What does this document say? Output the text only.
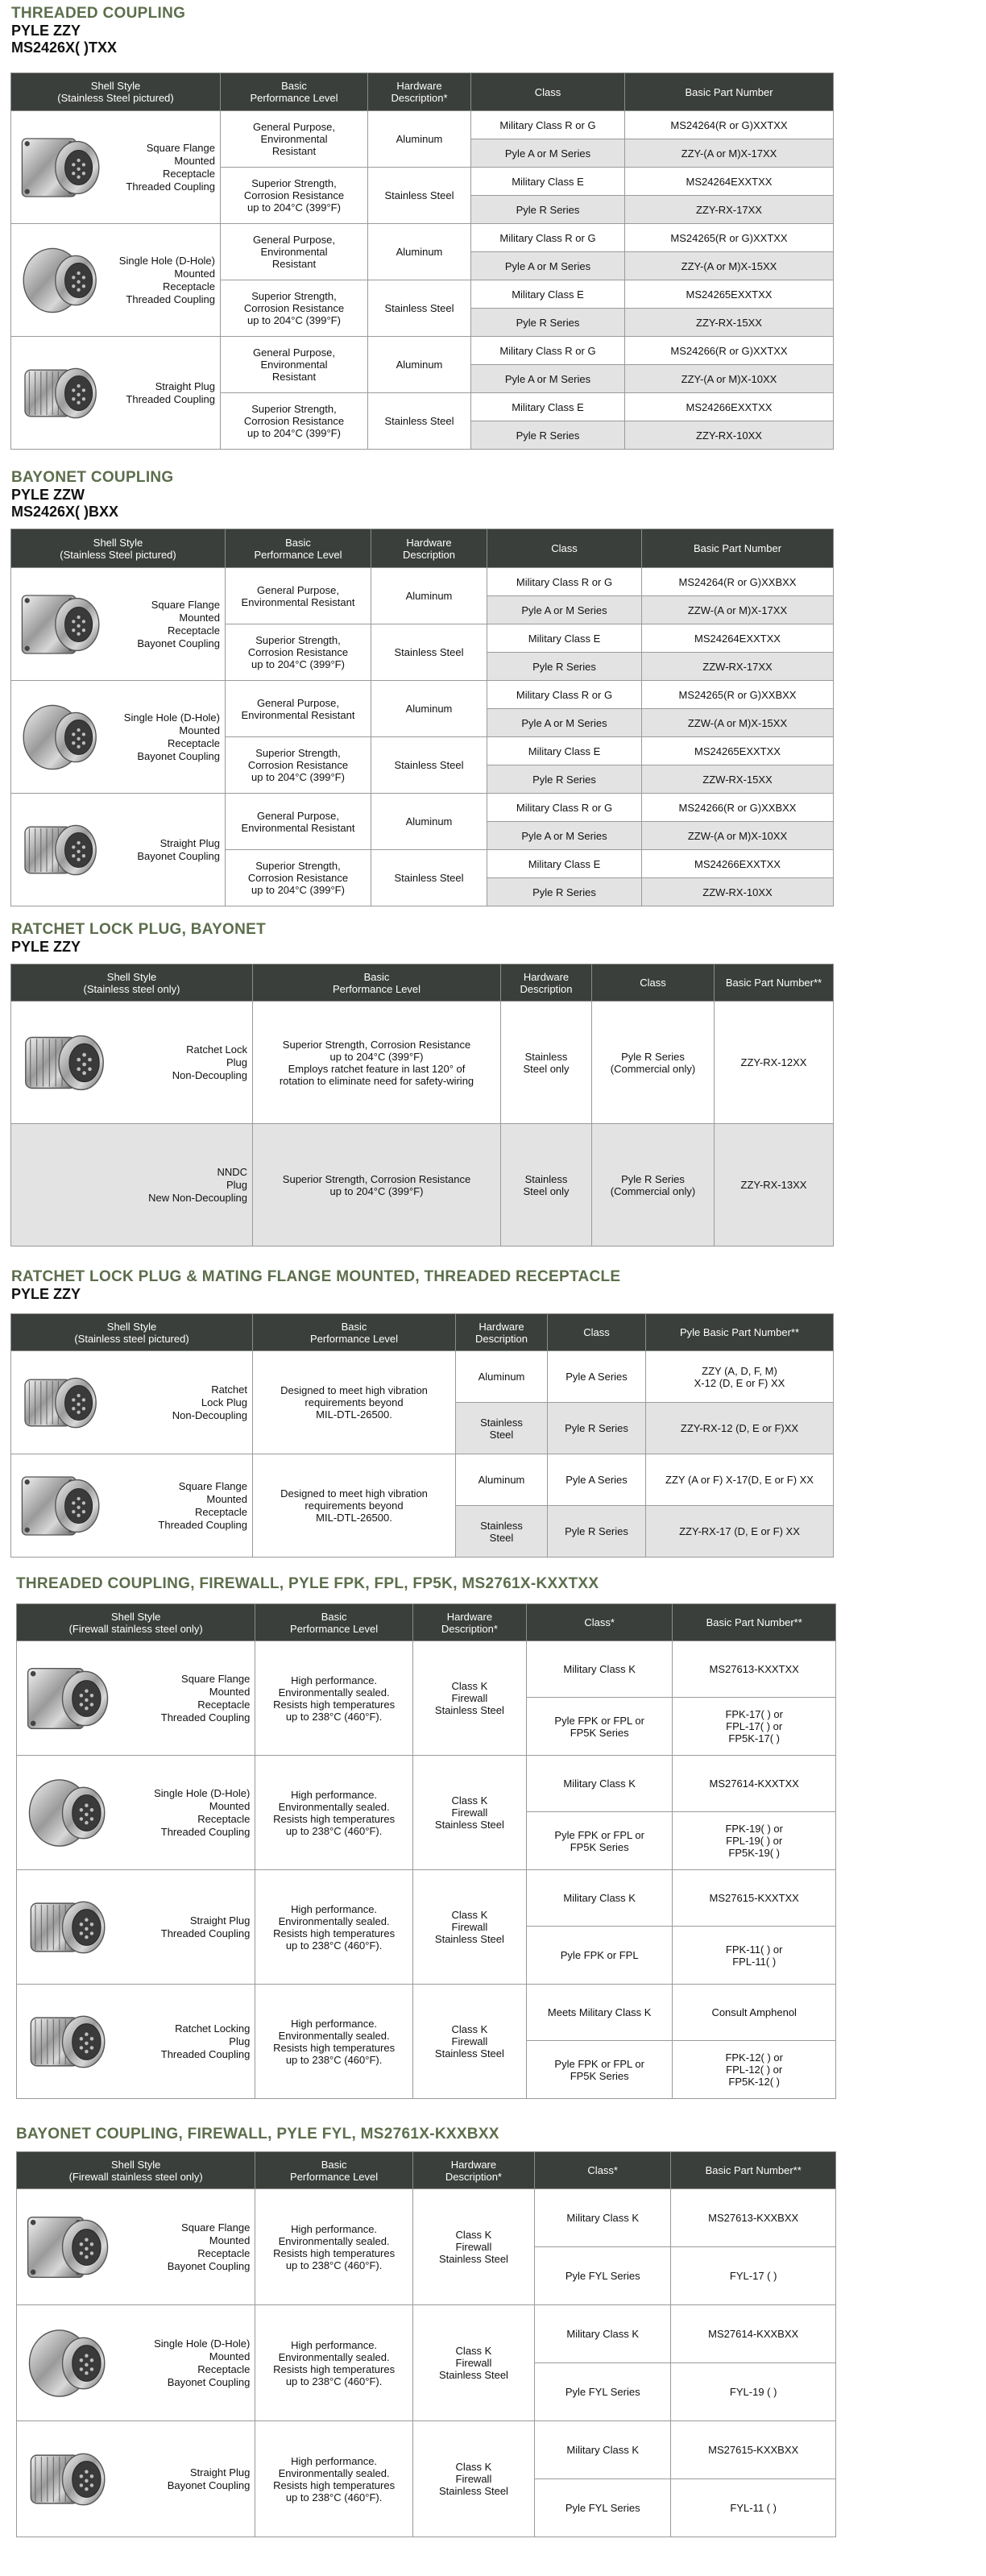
THREADED COUPLING
PYLE ZZY
MS2426X( )TXX
Shell Style
(Stainless Steel pictured)	Basic
Performance Level	Hardware
Description*	Class	Basic Part Number

Square Flange
Mounted
Receptacle
Threaded Coupling	General Purpose,
Environmental
Resistant	Aluminum	Military Class R or G	MS24264(R or G)XXTXX
			Pyle A or M Series	ZZY-(A or M)X-17XX
	Superior Strength,
Corrosion Resistance
up to 204°C (399°F)	Stainless Steel	Military Class E	MS24264EXXTXX
			Pyle R Series	ZZY-RX-17XX

Single Hole (D-Hole)
Mounted
Receptacle
Threaded Coupling	General Purpose,
Environmental
Resistant	Aluminum	Military Class R or G	MS24265(R or G)XXTXX
			Pyle A or M Series	ZZY-(A or M)X-15XX
	Superior Strength,
Corrosion Resistance
up to 204°C (399°F)	Stainless Steel	Military Class E	MS24265EXXTXX
			Pyle R Series	ZZY-RX-15XX

Straight Plug
Threaded Coupling	General Purpose,
Environmental
Resistant	Aluminum	Military Class R or G	MS24266(R or G)XXTXX
			Pyle A or M Series	ZZY-(A or M)X-10XX
	Superior Strength,
Corrosion Resistance
up to 204°C (399°F)	Stainless Steel	Military Class E	MS24266EXXTXX
			Pyle R Series	ZZY-RX-10XX
BAYONET COUPLING
PYLE ZZW
MS2426X( )BXX
Shell Style
(Stainless Steel pictured)	Basic
Performance Level	Hardware
Description	Class	Basic Part Number

Square Flange
Mounted
Receptacle
Bayonet Coupling	General Purpose,
Environmental Resistant	Aluminum	Military Class R or G	MS24264(R or G)XXBXX
			Pyle A or M Series	ZZW-(A or M)X-17XX
	Superior Strength,
Corrosion Resistance
up to 204°C (399°F)	Stainless Steel	Military Class E	MS24264EXXTXX
			Pyle R Series	ZZW-RX-17XX

Single Hole (D-Hole)
Mounted
Receptacle
Bayonet Coupling	General Purpose,
Environmental Resistant	Aluminum	Military Class R or G	MS24265(R or G)XXBXX
			Pyle A or M Series	ZZW-(A or M)X-15XX
	Superior Strength,
Corrosion Resistance
up to 204°C (399°F)	Stainless Steel	Military Class E	MS24265EXXTXX
			Pyle R Series	ZZW-RX-15XX

Straight Plug
Bayonet Coupling	General Purpose,
Environmental Resistant	Aluminum	Military Class R or G	MS24266(R or G)XXBXX
			Pyle A or M Series	ZZW-(A or M)X-10XX
	Superior Strength,
Corrosion Resistance
up to 204°C (399°F)	Stainless Steel	Military Class E	MS24266EXXTXX
			Pyle R Series	ZZW-RX-10XX
RATCHET LOCK PLUG, BAYONET
PYLE ZZY
Shell Style
(Stainless steel only)	Basic
Performance Level	Hardware
Description	Class	Basic Part Number**

Ratchet Lock
Plug
Non-Decoupling	Superior Strength, Corrosion Resistance
up to 204°C (399°F)
Employs ratchet feature in last 120° of
rotation to eliminate need for safety-wiring	Stainless
Steel only	Pyle R Series
(Commercial only)	ZZY-RX-12XX

NNDC
Plug
New Non-Decoupling	Superior Strength, Corrosion Resistance
up to 204°C (399°F)	Stainless
Steel only	Pyle R Series
(Commercial only)	ZZY-RX-13XX
RATCHET LOCK PLUG & MATING FLANGE MOUNTED, THREADED RECEPTACLE
PYLE ZZY
Shell Style
(Stainless steel pictured)	Basic
Performance Level	Hardware
Description	Class	Pyle Basic Part Number**

Ratchet
Lock Plug
Non-Decoupling	Designed to meet high vibration
requirements beyond
MIL-DTL-26500.	Aluminum	Pyle A Series	ZZY (A, D, F, M)
X-12 (D, E or F) XX
		Stainless
Steel	Pyle R Series	ZZY-RX-12 (D, E or F)XX

Square Flange
Mounted
Receptacle
Threaded Coupling	Designed to meet high vibration
requirements beyond
MIL-DTL-26500.	Aluminum	Pyle A Series	ZZY (A or F) X-17(D, E or F) XX
		Stainless
Steel	Pyle R Series	ZZY-RX-17 (D, E or F) XX
THREADED COUPLING, FIREWALL, PYLE FPK, FPL, FP5K, MS2761X-KXXTXX
Shell Style
(Firewall stainless steel only)	Basic
Performance Level	Hardware
Description*	Class*	Basic Part Number**

Square Flange
Mounted
Receptacle
Threaded Coupling	High performance.
Environmentally sealed.
Resists high temperatures
up to 238°C (460°F).	Class K
Firewall
Stainless Steel	Military Class K	MS27613-KXXTXX
			Pyle FPK or FPL or
FP5K Series	FPK-17( ) or
FPL-17( ) or
FP5K-17( )

Single Hole (D-Hole)
Mounted
Receptacle
Threaded Coupling	High performance.
Environmentally sealed.
Resists high temperatures
up to 238°C (460°F).	Class K
Firewall
Stainless Steel	Military Class K	MS27614-KXXTXX
			Pyle FPK or FPL or
FP5K Series	FPK-19( ) or
FPL-19( ) or
FP5K-19( )

Straight Plug
Threaded Coupling	High performance.
Environmentally sealed.
Resists high temperatures
up to 238°C (460°F).	Class K
Firewall
Stainless Steel	Military Class K	MS27615-KXXTXX
			Pyle FPK or FPL	FPK-11( ) or
FPL-11( )

Ratchet Locking
Plug
Threaded Coupling	High performance.
Environmentally sealed.
Resists high temperatures
up to 238°C (460°F).	Class K
Firewall
Stainless Steel	Meets Military Class K	Consult Amphenol
			Pyle FPK or FPL or
FP5K Series	FPK-12( ) or
FPL-12( ) or
FP5K-12( )
BAYONET COUPLING, FIREWALL, PYLE FYL, MS2761X-KXXBXX
Shell Style
(Firewall stainless steel only)	Basic
Performance Level	Hardware
Description*	Class*	Basic Part Number**

Square Flange
Mounted
Receptacle
Bayonet Coupling	High performance.
Environmentally sealed.
Resists high temperatures
up to 238°C (460°F).	Class K
Firewall
Stainless Steel	Military Class K	MS27613-KXXBXX
			Pyle FYL Series	FYL-17 ( )

Single Hole (D-Hole)
Mounted
Receptacle
Bayonet Coupling	High performance.
Environmentally sealed.
Resists high temperatures
up to 238°C (460°F).	Class K
Firewall
Stainless Steel	Military Class K	MS27614-KXXBXX
			Pyle FYL Series	FYL-19 ( )

Straight Plug
Bayonet Coupling	High performance.
Environmentally sealed.
Resists high temperatures
up to 238°C (460°F).	Class K
Firewall
Stainless Steel	Military Class K	MS27615-KXXBXX
			Pyle FYL Series	FYL-11 ( )
